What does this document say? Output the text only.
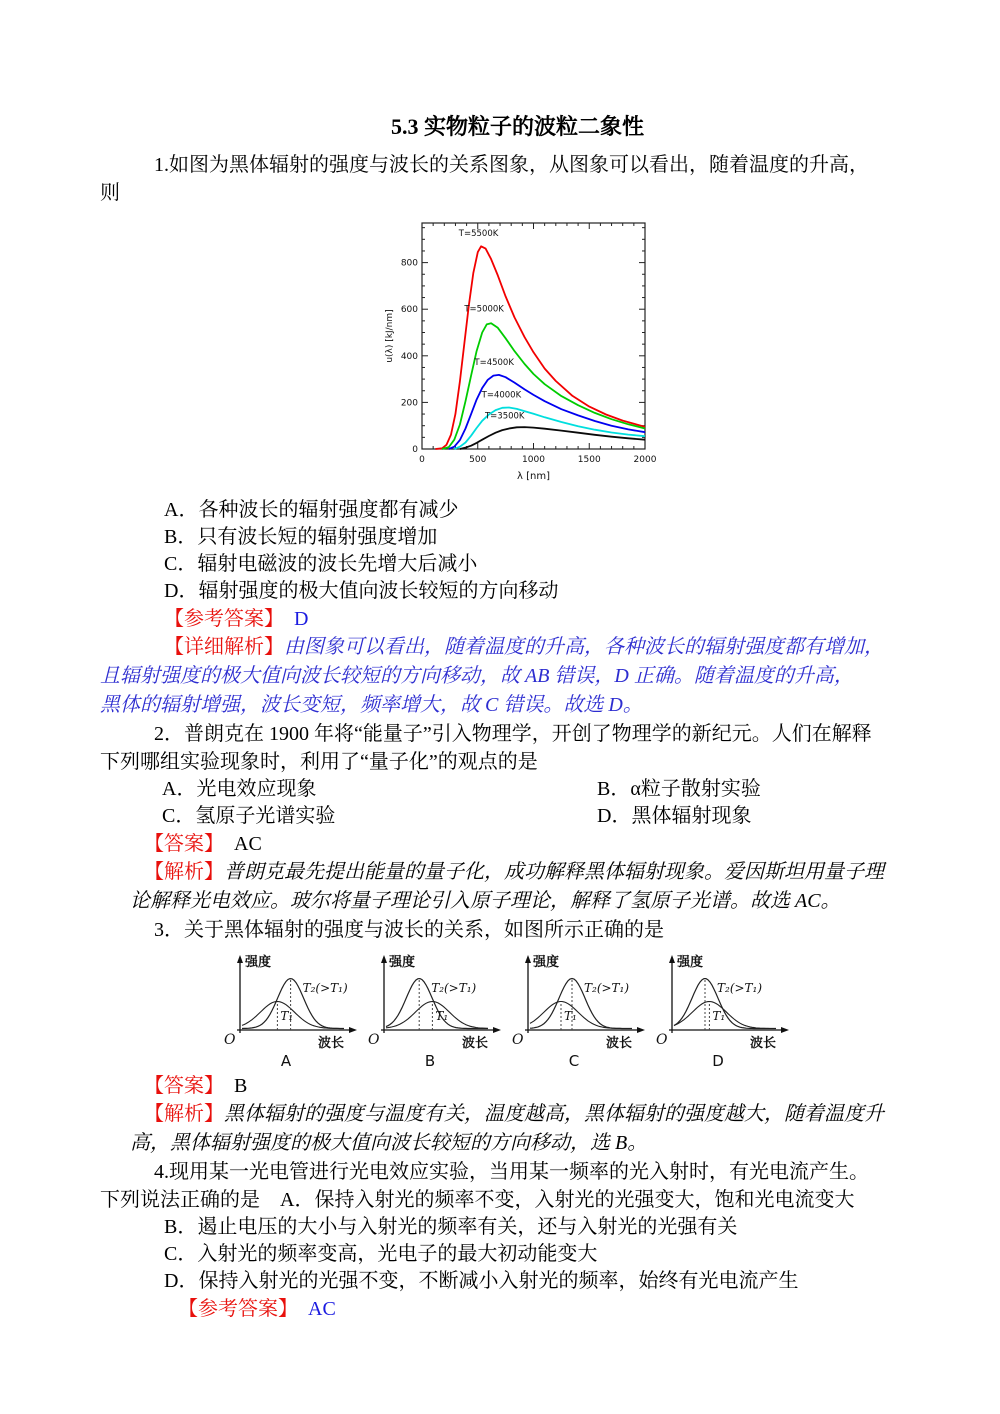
5.3 实物粒子的波粒二象性
1.如图为黑体辐射的强度与波长的关系图象，从图象可以看出，随着温度的升高，
则
0	500	1000	1500	2000
0
200
400
600
800
T=5500K
T=5000K
T=4500K
T=4000K
T=3500K
λ [nm]
u(λ) [kJ/nm]
A．各种波长的辐射强度都有减少
B．只有波长短的辐射强度增加
C．辐射电磁波的波长先增大后减小
D．辐射强度的极大值向波长较短的方向移动
【参考答案】 D
【详细解析】由图象可以看出，随着温度的升高，各种波长的辐射强度都有增加，
且辐射强度的极大值向波长较短的方向移动，故 AB 错误，D 正确。随着温度的升高，
黑体的辐射增强，波长变短，频率增大，故 C 错误。故选 D。
2．普朗克在 1900 年将“能量子”引入物理学，开创了物理学的新纪元。人们在解释
下列哪组实验现象时，利用了“量子化”的观点的是
A．光电效应现象	B．α粒子散射实验
C．氢原子光谱实验	D．黑体辐射现象
【答案】 AC
【解析】普朗克最先提出能量的量子化，成功解释黑体辐射现象。爱因斯坦用量子理
论解释光电效应。玻尔将量子理论引入原子理论，解释了氢原子光谱。故选 AC。
3．关于黑体辐射的强度与波长的关系，如图所示正确的是
T₂(>T₁)
T₁
强度
O	波长
A
T₂(>T₁)
T₁
强度
O	波长
B
T₂(>T₁)
T₁
强度
O	波长
C
T₂(>T₁)
T₁
强度
O	波长
D
【答案】 B
【解析】黑体辐射的强度与温度有关，温度越高，黑体辐射的强度越大，随着温度升
高，黑体辐射强度的极大值向波长较短的方向移动，选 B。
4.现用某一光电管进行光电效应实验，当用某一频率的光入射时，有光电流产生。
下列说法正确的是　A．保持入射光的频率不变，入射光的光强变大，饱和光电流变大
B．遏止电压的大小与入射光的频率有关，还与入射光的光强有关
C．入射光的频率变高，光电子的最大初动能变大
D．保持入射光的光强不变，不断减小入射光的频率，始终有光电流产生
【参考答案】 AC
